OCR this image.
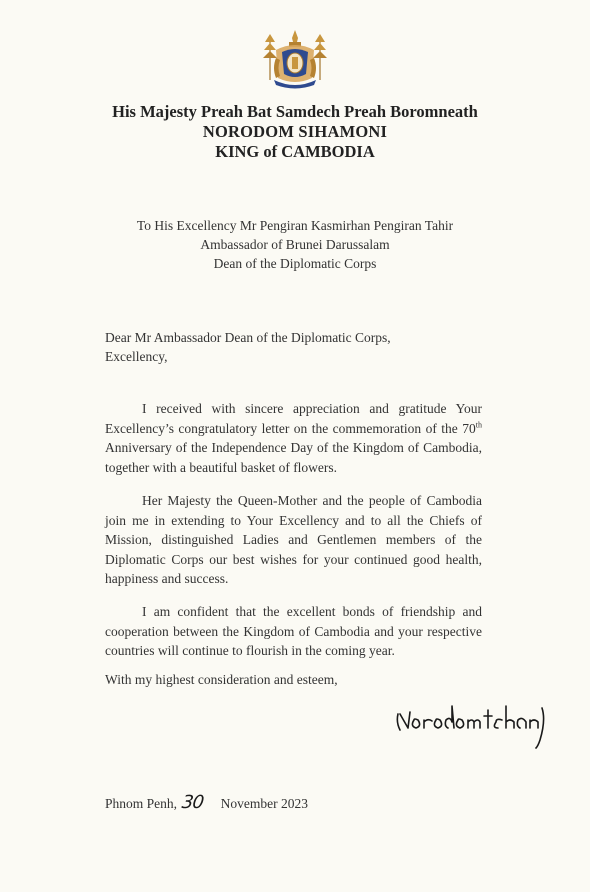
His Majesty Preah Bat Samdech Preah Boromneath
NORODOM SIHAMONI
KING of CAMBODIA
To His Excellency Mr Pengiran Kasmirhan Pengiran Tahir
Ambassador of Brunei Darussalam
Dean of the Diplomatic Corps
Dear Mr Ambassador Dean of the Diplomatic Corps,
Excellency,

I received with sincere appreciation and gratitude Your Excellency’s congratulatory letter on the commemoration of the 70th Anniversary of the Independence Day of the Kingdom of Cambodia, together with a beautiful basket of flowers.

Her Majesty the Queen-Mother and the people of Cambodia join me in extending to Your Excellency and to all the Chiefs of Mission, distinguished Ladies and Gentlemen members of the Diplomatic Corps our best wishes for your continued good health, happiness and success.

I am confident that the excellent bonds of friendship and cooperation between the Kingdom of Cambodia and your respective countries will continue to flourish in the coming year.

With my highest consideration and esteem,
Phnom Penh, 30 November 2023
